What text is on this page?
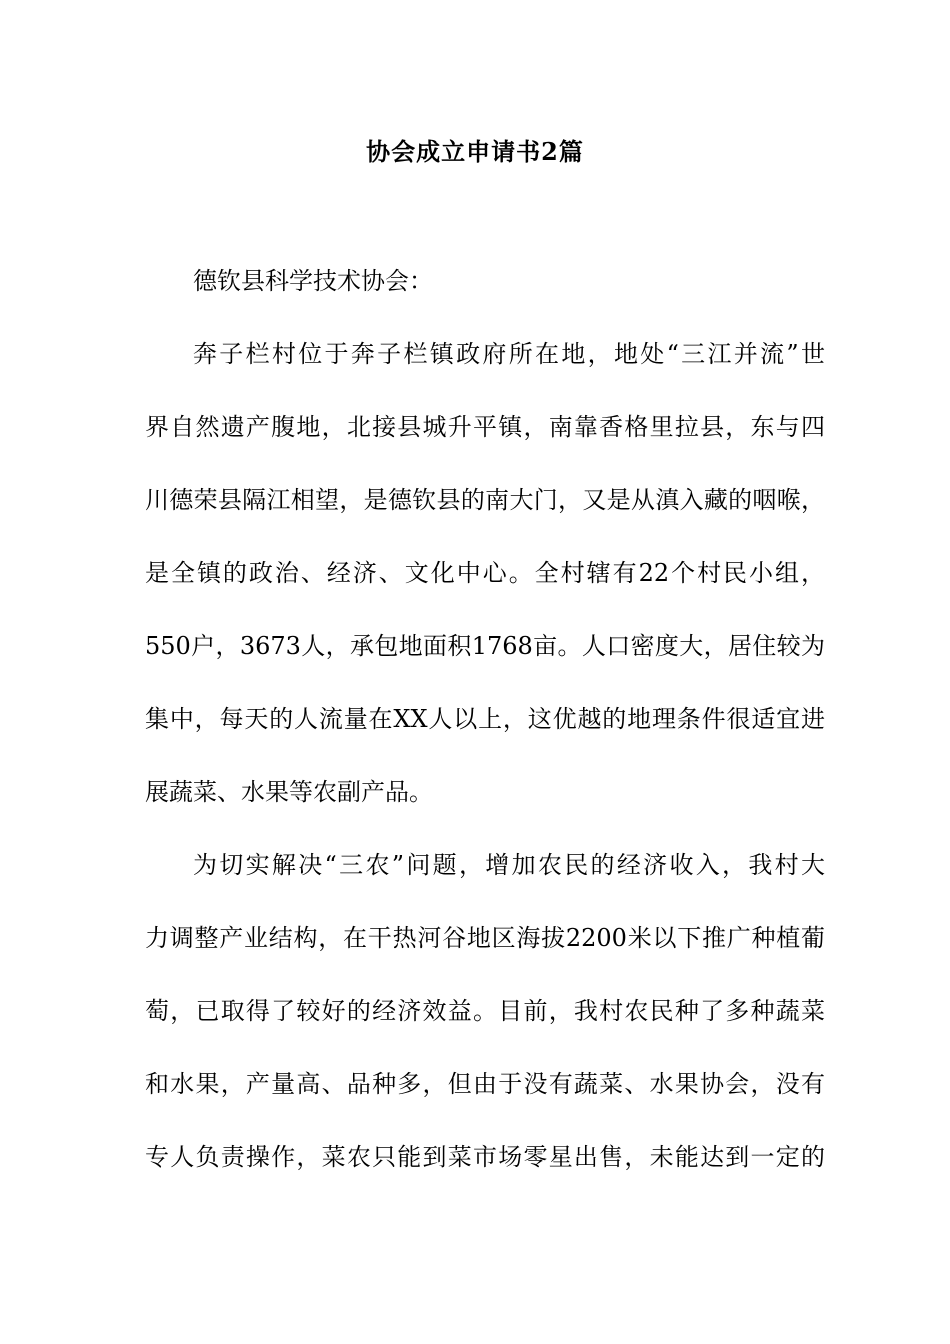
协会成立申请书2篇
德钦县科学技术协会：
奔子栏村位于奔子栏镇政府所在地，地处“三江并流”世
界自然遗产腹地，北接县城升平镇，南靠香格里拉县，东与四
川德荣县隔江相望，是德钦县的南大门，又是从滇入藏的咽喉，
是全镇的政治、经济、文化中心。全村辖有22个村民小组，
550户，3673人，承包地面积1768亩。人口密度大，居住较为
集中，每天的人流量在XX人以上，这优越的地理条件很适宜进
展蔬菜、水果等农副产品。
为切实解决“三农”问题，增加农民的经济收入，我村大
力调整产业结构，在干热河谷地区海拔2200米以下推广种植葡
萄，已取得了较好的经济效益。目前，我村农民种了多种蔬菜
和水果，产量高、品种多，但由于没有蔬菜、水果协会，没有
专人负责操作，菜农只能到菜市场零星出售，未能达到一定的
